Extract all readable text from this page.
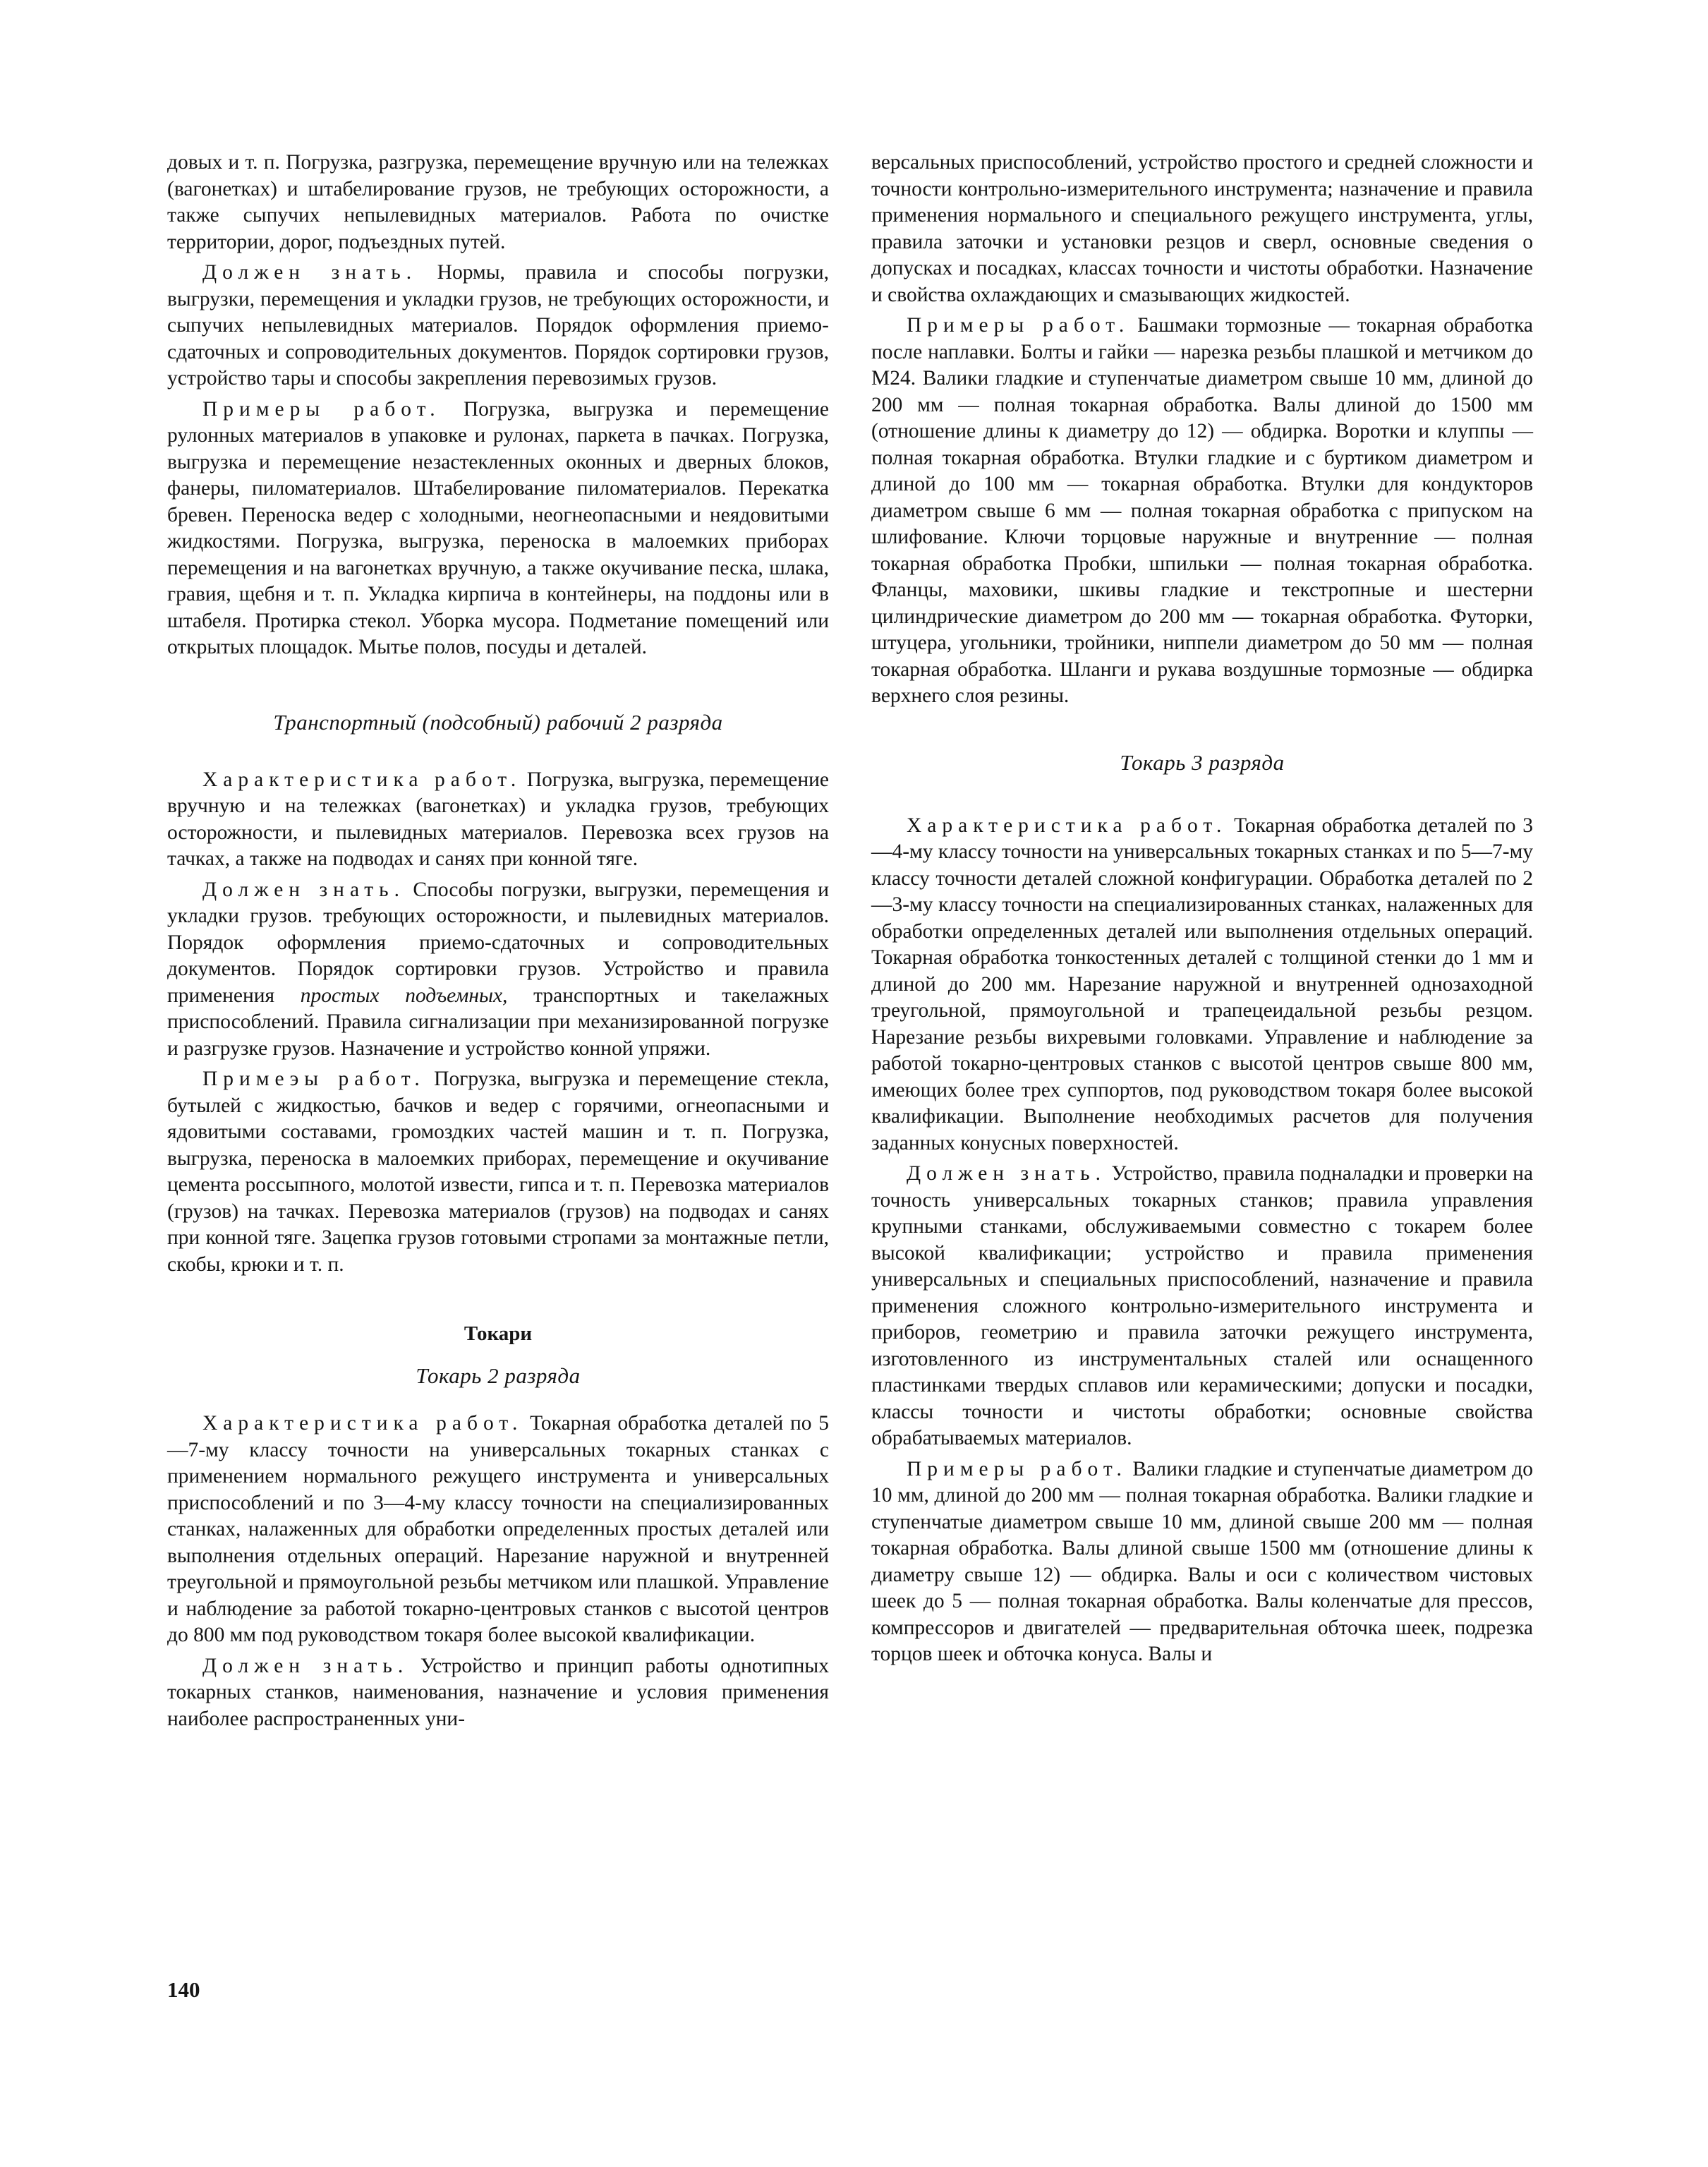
довых и т. п. Погрузка, разгрузка, перемещение вручную или на тележках (вагонетках) и штабелирование грузов, не требующих осторожности, а также сыпучих непылевидных материалов. Работа по очистке территории, дорог, подъездных путей.

Должен знать. Нормы, правила и способы погрузки, выгрузки, перемещения и укладки грузов, не требующих осторожности, и сыпучих непылевидных материалов. Порядок оформления приемо-сдаточных и сопроводительных документов. Порядок сортировки грузов, устройство тары и способы закрепления перевозимых грузов.

Примеры работ. Погрузка, выгрузка и перемещение рулонных материалов в упаковке и рулонах, паркета в пачках. Погрузка, выгрузка и перемещение незастекленных оконных и дверных блоков, фанеры, пиломатериалов. Штабелирование пиломатериалов. Перекатка бревен. Переноска ведер с холодными, неогнеопасными и неядовитыми жидкостями. Погрузка, выгрузка, переноска в малоемких приборах перемещения и на вагонетках вручную, а также окучивание песка, шлака, гравия, щебня и т. п. Укладка кирпича в контейнеры, на поддоны или в штабеля. Протирка стекол. Уборка мусора. Подметание помещений или открытых площадок. Мытье полов, посуды и деталей.

Транспортный (подсобный) рабочий 2 разряда

Характеристика работ. Погрузка, выгрузка, перемещение вручную и на тележках (вагонетках) и укладка грузов, требующих осторожности, и пылевидных материалов. Перевозка всех грузов на тачках, а также на подводах и санях при конной тяге.

Должен знать. Способы погрузки, выгрузки, перемещения и укладки грузов. требующих осторожности, и пылевидных материалов. Порядок оформления приемо-сдаточных и сопроводительных документов. Порядок сортировки грузов. Устройство и правила применения простых подъемных, транспортных и такелажных приспособлений. Правила сигнализации при механизированной погрузке и разгрузке грузов. Назначение и устройство конной упряжи.

Примеэы работ. Погрузка, выгрузка и перемещение стекла, бутылей с жидкостью, бачков и ведер с горячими, огнеопасными и ядовитыми составами, громоздких частей машин и т. п. Погрузка, выгрузка, переноска в малоемких приборах, перемещение и окучивание цемента россыпного, молотой извести, гипса и т. п. Перевозка материалов (грузов) на тачках. Перевозка материалов (грузов) на подводах и санях при конной тяге. Зацепка грузов готовыми стропами за монтажные петли, скобы, крюки и т. п.

Токари
Токарь 2 разряда

Характеристика работ. Токарная обработка деталей по 5—7-му классу точности на универсальных токарных станках с применением нормального режущего инструмента и универсальных приспособлений и по 3—4-му классу точности на специализированных станках, налаженных для обработки определенных простых деталей или выполнения отдельных операций. Нарезание наружной и внутренней треугольной и прямоугольной резьбы метчиком или плашкой. Управление и наблюдение за работой токарно-центровых станков с высотой центров до 800 мм под руководством токаря более высокой квалификации.

Должен знать. Устройство и принцип работы однотипных токарных станков, наименования, назначение и условия применения наиболее распространенных уни-

версальных приспособлений, устройство простого и средней сложности и точности контрольно-измерительного инструмента; назначение и правила применения нормального и специального режущего инструмента, углы, правила заточки и установки резцов и сверл, основные сведения о допусках и посадках, классах точности и чистоты обработки. Назначение и свойства охлаждающих и смазывающих жидкостей.

Примеры работ. Башмаки тормозные — токарная обработка после наплавки. Болты и гайки — нарезка резьбы плашкой и метчиком до М24. Валики гладкие и ступенчатые диаметром свыше 10 мм, длиной до 200 мм — полная токарная обработка. Валы длиной до 1500 мм (отношение длины к диаметру до 12) — обдирка. Воротки и клуппы — полная токарная обработка. Втулки гладкие и с буртиком диаметром и длиной до 100 мм — токарная обработка. Втулки для кондукторов диаметром свыше 6 мм — полная токарная обработка с припуском на шлифование. Ключи торцовые наружные и внутренние — полная токарная обработка Пробки, шпильки — полная токарная обработка. Фланцы, маховики, шкивы гладкие и текстропные и шестерни цилиндрические диаметром до 200 мм — токарная обработка. Футорки, штуцера, угольники, тройники, ниппели диаметром до 50 мм — полная токарная обработка. Шланги и рукава воздушные тормозные — обдирка верхнего слоя резины.

Токарь 3 разряда

Характеристика работ. Токарная обработка деталей по 3—4-му классу точности на универсальных токарных станках и по 5—7-му классу точности деталей сложной конфигурации. Обработка деталей по 2—3-му классу точности на специализированных станках, налаженных для обработки определенных деталей или выполнения отдельных операций. Токарная обработка тонкостенных деталей с толщиной стенки до 1 мм и длиной до 200 мм. Нарезание наружной и внутренней однозаходной треугольной, прямоугольной и трапецеидальной резьбы резцом. Нарезание резьбы вихревыми головками. Управление и наблюдение за работой токарно-центровых станков с высотой центров свыше 800 мм, имеющих более трех суппортов, под руководством токаря более высокой квалификации. Выполнение необходимых расчетов для получения заданных конусных поверхностей.

Должен знать. Устройство, правила подналадки и проверки на точность универсальных токарных станков; правила управления крупными станками, обслуживаемыми совместно с токарем более высокой квалификации; устройство и правила применения универсальных и специальных приспособлений, назначение и правила применения сложного контрольно-измерительного инструмента и приборов, геометрию и правила заточки режущего инструмента, изготовленного из инструментальных сталей или оснащенного пластинками твердых сплавов или керамическими; допуски и посадки, классы точности и чистоты обработки; основные свойства обрабатываемых материалов.

Примеры работ. Валики гладкие и ступенчатые диаметром до 10 мм, длиной до 200 мм — полная токарная обработка. Валики гладкие и ступенчатые диаметром свыше 10 мм, длиной свыше 200 мм — полная токарная обработка. Валы длиной свыше 1500 мм (отношение длины к диаметру свыше 12) — обдирка. Валы и оси с количеством чистовых шеек до 5 — полная токарная обработка. Валы коленчатые для прессов, компрессоров и двигателей — предварительная обточка шеек, подрезка торцов шеек и обточка конуса. Валы и

140
